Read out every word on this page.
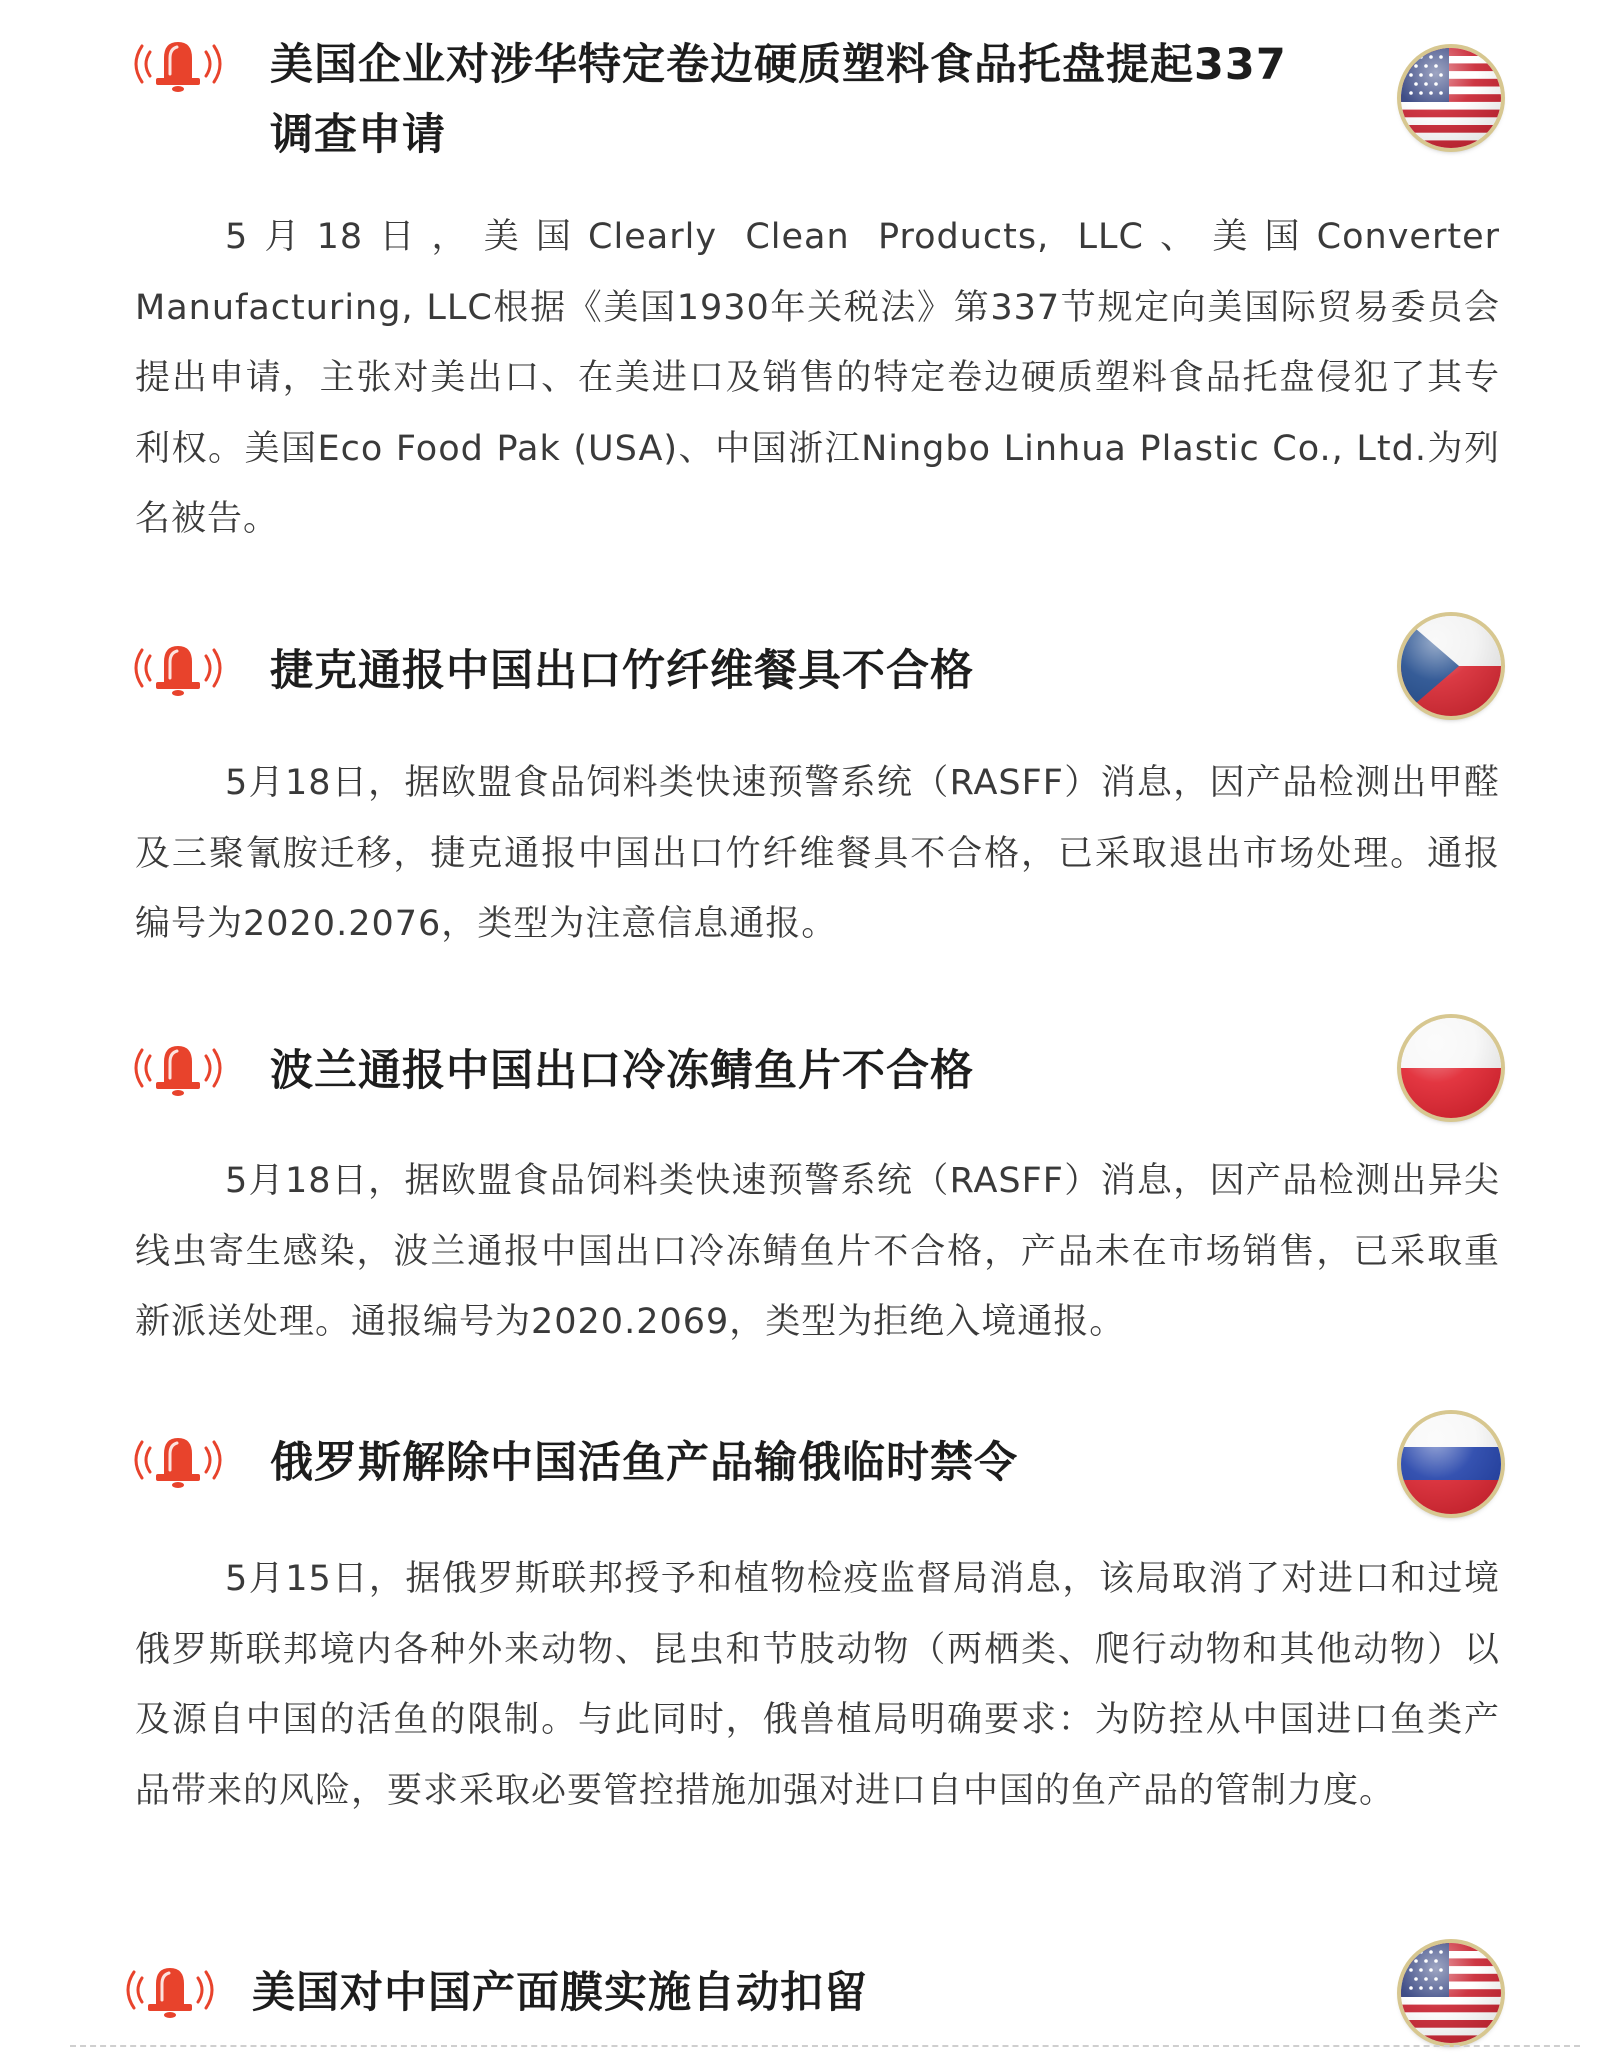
美国企业对涉华特定卷边硬质塑料食品托盘提起337
调查申请

5月18日，美国Clearly Clean Products, LLC、美国Converter Manufacturing, LLC根据《美国1930年关税法》第337节规定向美国际贸易委员会提出申请，主张对美出口、在美进口及销售的特定卷边硬质塑料食品托盘侵犯了其专利权。美国Eco Food Pak (USA)、中国浙江Ningbo Linhua Plastic Co., Ltd.为列名被告。

捷克通报中国出口竹纤维餐具不合格

5月18日，据欧盟食品饲料类快速预警系统（RASFF）消息，因产品检测出甲醛及三聚氰胺迁移，捷克通报中国出口竹纤维餐具不合格，已采取退出市场处理。通报编号为2020.2076，类型为注意信息通报。

波兰通报中国出口冷冻鲭鱼片不合格

5月18日，据欧盟食品饲料类快速预警系统（RASFF）消息，因产品检测出异尖线虫寄生感染，波兰通报中国出口冷冻鲭鱼片不合格，产品未在市场销售，已采取重新派送处理。通报编号为2020.2069，类型为拒绝入境通报。

俄罗斯解除中国活鱼产品输俄临时禁令

5月15日，据俄罗斯联邦授予和植物检疫监督局消息，该局取消了对进口和过境俄罗斯联邦境内各种外来动物、昆虫和节肢动物（两栖类、爬行动物和其他动物）以及源自中国的活鱼的限制。与此同时，俄兽植局明确要求：为防控从中国进口鱼类产品带来的风险，要求采取必要管控措施加强对进口自中国的鱼产品的管制力度。

美国对中国产面膜实施自动扣留
